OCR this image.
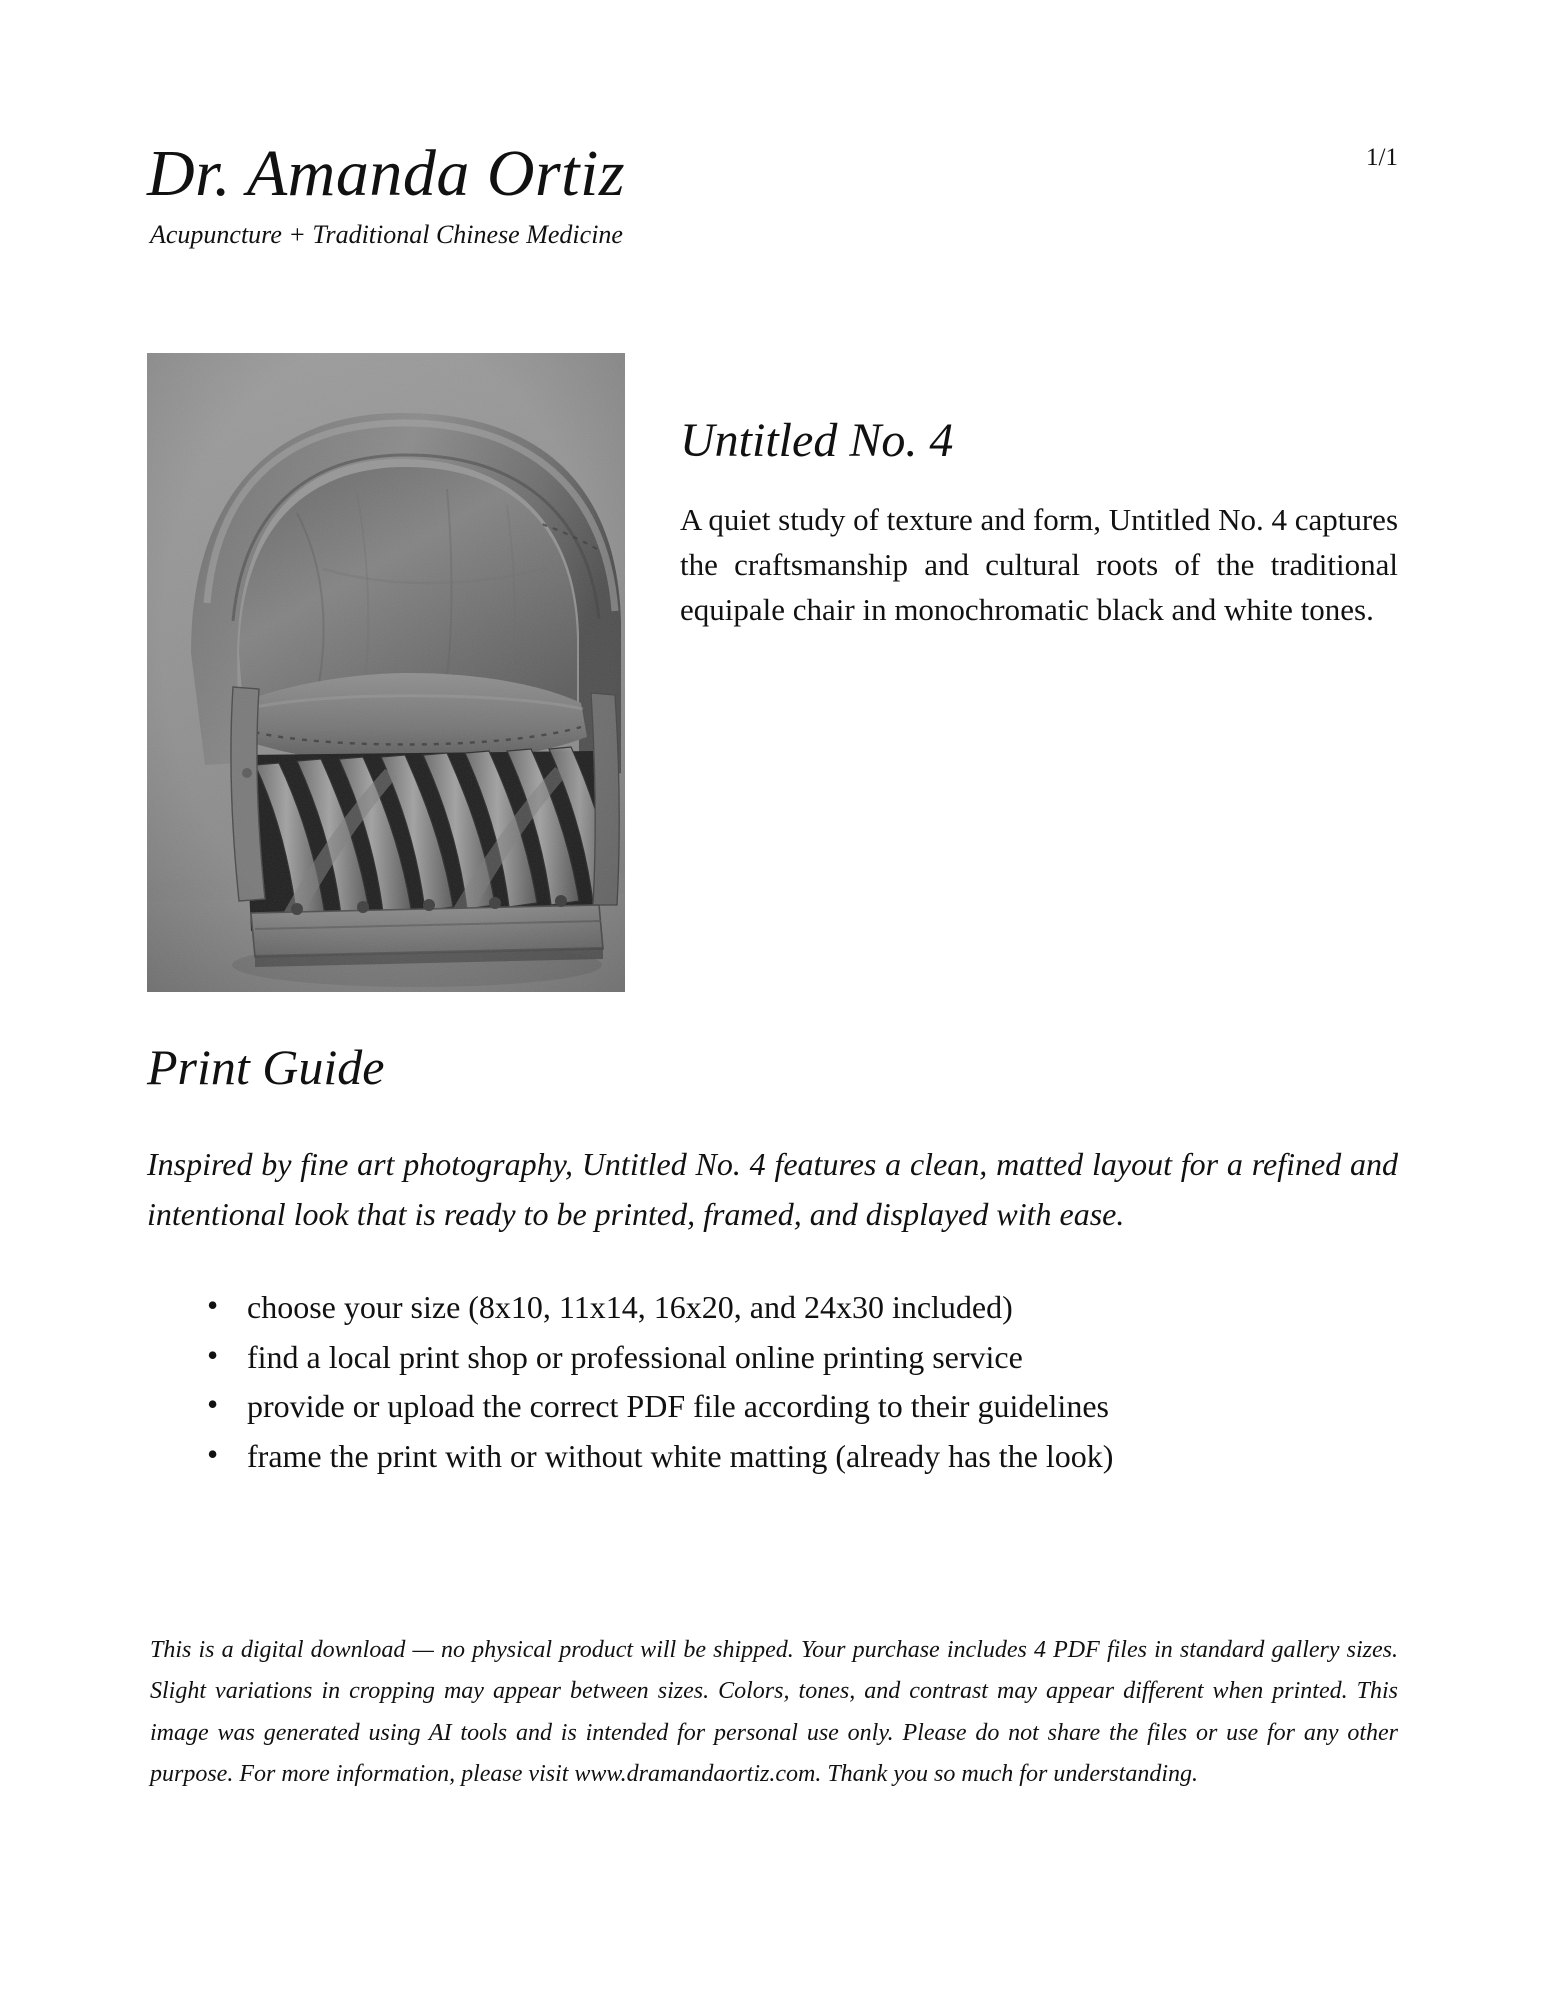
Dr. Amanda Ortiz
Acupuncture + Traditional Chinese Medicine
1/1
Untitled No. 4

A quiet study of texture and form, Untitled No. 4 captures the craftsmanship and cultural roots of the traditional equipale chair in monochromatic black and white tones.

Print Guide

Inspired by fine art photography, Untitled No. 4 features a clean, matted layout for a refined and intentional look that is ready to be printed, framed, and displayed with ease.

• choose your size (8x10, 11x14, 16x20, and 24x30 included)
• find a local print shop or professional online printing service
• provide or upload the correct PDF file according to their guidelines
• frame the print with or without white matting (already has the look)

This is a digital download — no physical product will be shipped. Your purchase includes 4 PDF files in standard gallery sizes. Slight variations in cropping may appear between sizes. Colors, tones, and contrast may appear different when printed. This image was generated using AI tools and is intended for personal use only. Please do not share the files or use for any other purpose. For more information, please visit www.dramandaortiz.com. Thank you so much for understanding.
